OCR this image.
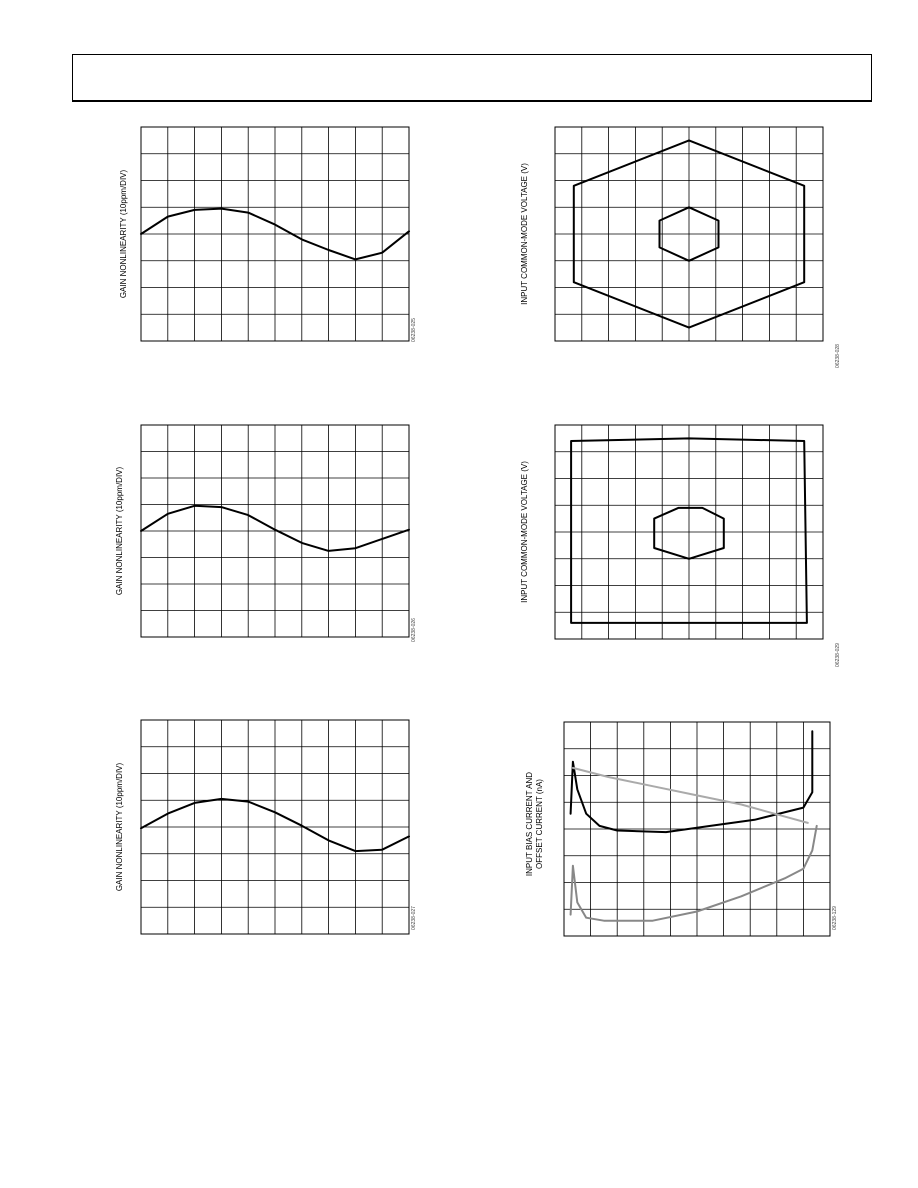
GAIN NONLINEARITY (10ppm/DIV)
06238-025
GAIN NONLINEARITY (10ppm/DIV)
06238-026
GAIN NONLINEARITY (10ppm/DIV)
06238-027
INPUT COMMON-MODE VOLTAGE (V)
06238-028
INPUT COMMON-MODE VOLTAGE (V)
06238-029
INPUT BIAS CURRENT AND OFFSET CURRENT (nA)
06238-129
